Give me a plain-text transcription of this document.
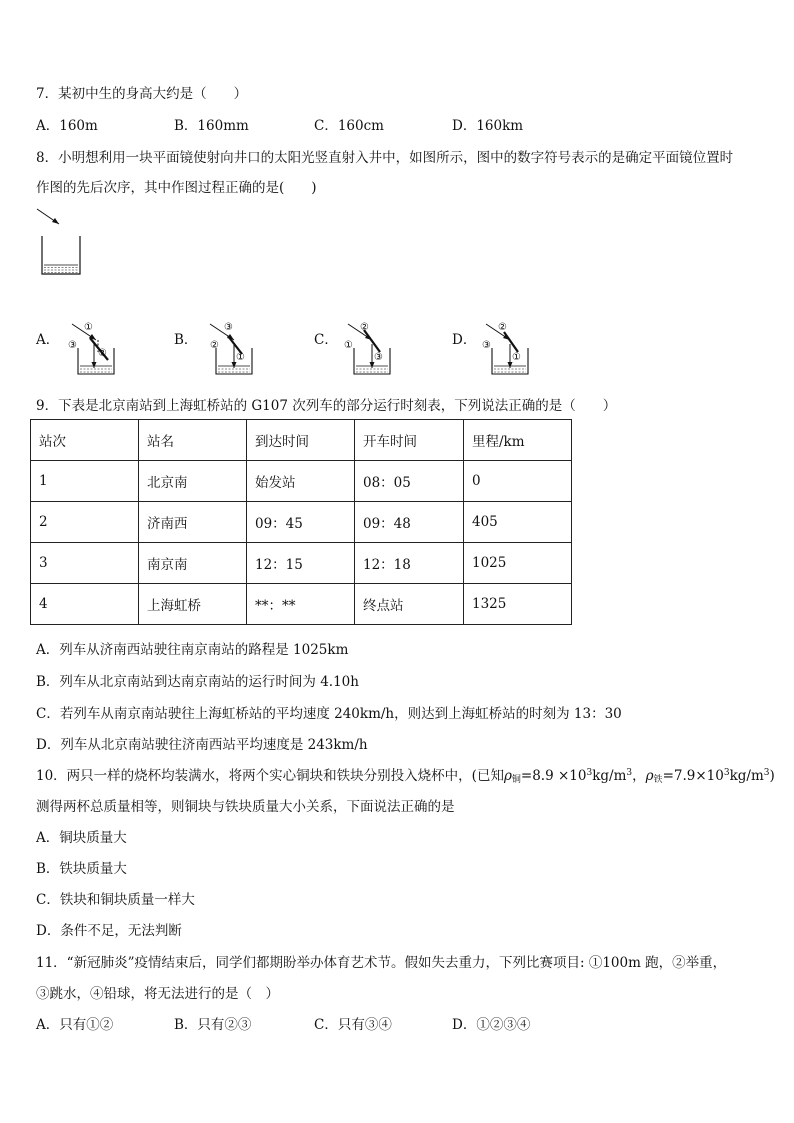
7．某初中生的身高大约是（　　）
A．160m	B．160mm	C．160cm	D．160km
8．小明想利用一块平面镜使射向井口的太阳光竖直射入井中，如图所示，图中的数字符号表示的是确定平面镜位置时
作图的先后次序，其中作图过程正确的是(　　)
A．	B．	C．	D．
①
③
②
③
②
①
②
①
③
②
③
①
9．下表是北京南站到上海虹桥站的 G107 次列车的部分运行时刻表，下列说法正确的是（　　）
站次	站名	到达时间	开车时间	里程/km
1	北京南	始发站	08：05	0
2	济南西	09：45	09：48	405
3	南京南	12：15	12：18	1025
4	上海虹桥	**：**	终点站	1325
A．列车从济南西站驶往南京南站的路程是 1025km
B．列车从北京南站到达南京南站的运行时间为 4.10h
C．若列车从南京南站驶往上海虹桥站的平均速度 240km/h，则达到上海虹桥站的时刻为 13：30
D．列车从北京南站驶往济南西站平均速度是 243km/h
10．两只一样的烧杯均装满水，将两个实心铜块和铁块分别投入烧杯中，(已知$\rho_铜=8.9 \times 10^3kg/m^3$，$\rho_铁=7.9\times 10^3kg/m^3$)
测得两杯总质量相等，则铜块与铁块质量大小关系，下面说法正确的是
A．铜块质量大
B．铁块质量大
C．铁块和铜块质量一样大
D．条件不足，无法判断
11．“新冠肺炎”疫情结束后，同学们都期盼举办体育艺术节。假如失去重力，下列比赛项目: ①100m 跑，②举重，
③跳水，④铅球，将无法进行的是（　）
A．只有①②	B．只有②③	C．只有③④	D．①②③④
